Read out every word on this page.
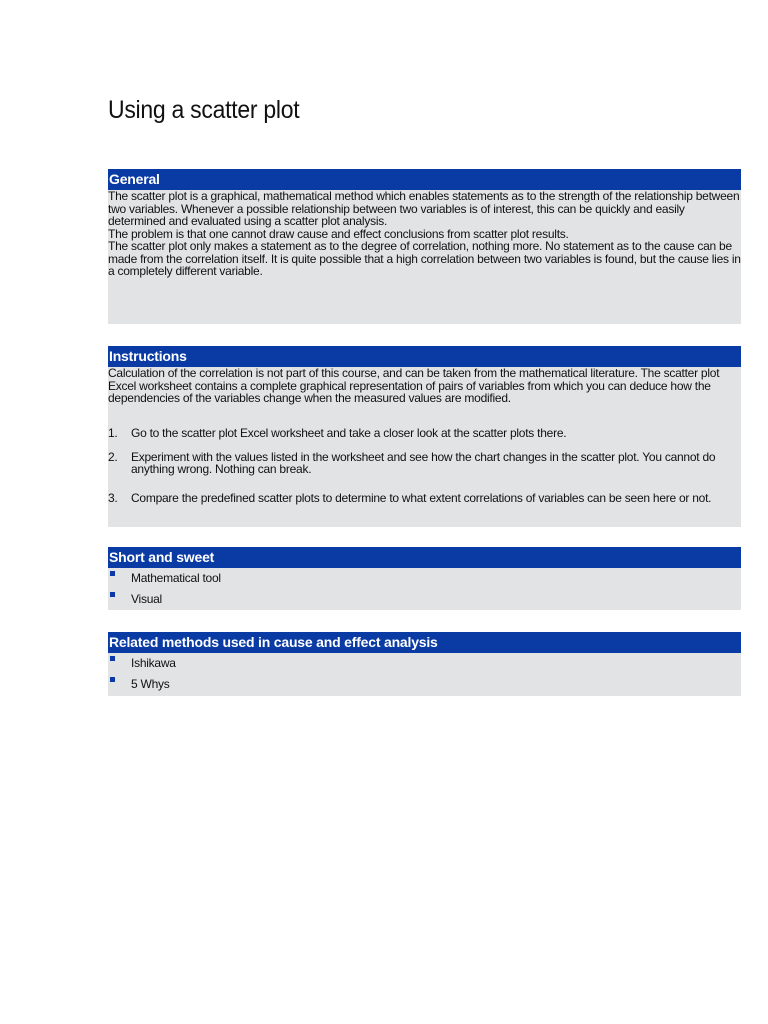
Using a scatter plot
General

The scatter plot is a graphical, mathematical method which enables statements as to the strength of the relationship between two variables. Whenever a possible relationship between two variables is of interest, this can be quickly and easily determined and evaluated using a scatter plot analysis.

The problem is that one cannot draw cause and effect conclusions from scatter plot results.

The scatter plot only makes a statement as to the degree of correlation, nothing more. No statement as to the cause can be made from the correlation itself. It is quite possible that a high correlation between two variables is found, but the cause lies in a completely different variable.

Instructions

Calculation of the correlation is not part of this course, and can be taken from the mathematical literature. The scatter plot Excel worksheet contains a complete graphical representation of pairs of variables from which you can deduce how the dependencies of the variables change when the measured values are modified.

1.	Go to the scatter plot Excel worksheet and take a closer look at the scatter plots there.
2.	Experiment with the values listed in the worksheet and see how the chart changes in the scatter plot. You cannot do anything wrong. Nothing can break.
3.	Compare the predefined scatter plots to determine to what extent correlations of variables can be seen here or not.
Short and sweet
Mathematical tool
Visual
Related methods used in cause and effect analysis
Ishikawa
5 Whys
